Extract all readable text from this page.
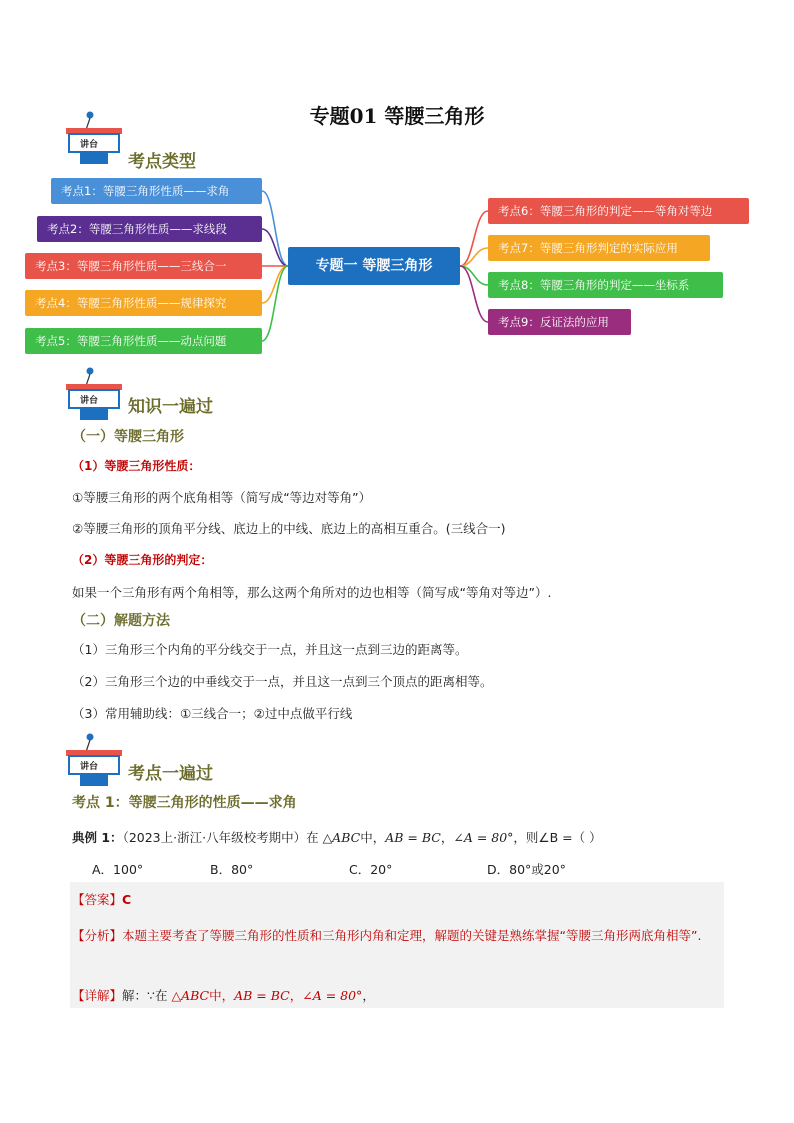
专题01 等腰三角形
讲台
考点类型
考点1：等腰三角形性质——求角
考点2：等腰三角形性质——求线段
考点3：等腰三角形性质——三线合一
考点4：等腰三角形性质——规律探究
考点5：等腰三角形性质——动点问题
专题一 等腰三角形
考点6：等腰三角形的判定——等角对等边
考点7：等腰三角形判定的实际应用
考点8：等腰三角形的判定——坐标系
考点9：反证法的应用
讲台 知识一遍过
（一）等腰三角形
（1）等腰三角形性质：
①等腰三角形的两个底角相等（简写成“等边对等角”）
②等腰三角形的顶角平分线、底边上的中线、底边上的高相互重合。(三线合一)
（2）等腰三角形的判定：
如果一个三角形有两个角相等，那么这两个角所对的边也相等（简写成“等角对等边”）.
（二）解题方法
（1）三角形三个内角的平分线交于一点，并且这一点到三边的距离等。
（2）三角形三个边的中垂线交于一点，并且这一点到三个顶点的距离相等。
（3）常用辅助线：①三线合一；②过中点做平行线
讲台 考点一遍过
考点 1：等腰三角形的性质——求角
典例 1：（2023上·浙江·八年级校考期中）在 △ABC中，AB = BC，∠A = 80°，则∠B =（ ）
A．100°	B．80°	C．20°	D．80°或20°
【答案】C
【分析】本题主要考查了等腰三角形的性质和三角形内角和定理，解题的关键是熟练掌握“等腰三角形两底角相等”.
【详解】解：∵在 △ABC中，AB = BC，∠A = 80°，
